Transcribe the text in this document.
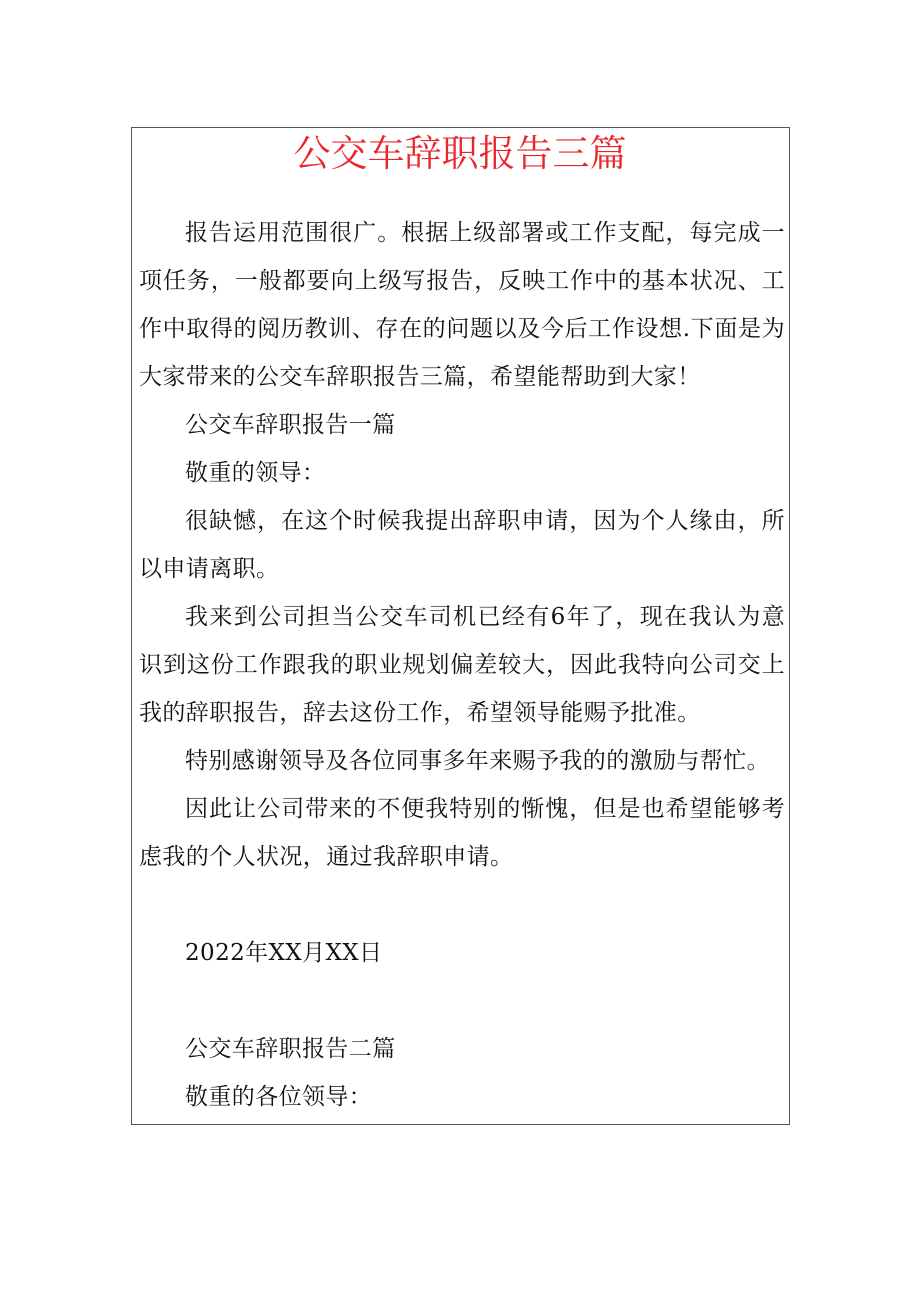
公交车辞职报告三篇

报告运用范围很广。根据上级部署或工作支配，每完成一项任务，一般都要向上级写报告，反映工作中的基本状况、工作中取得的阅历教训、存在的问题以及今后工作设想.下面是为大家带来的公交车辞职报告三篇，希望能帮助到大家！

公交车辞职报告一篇

敬重的领导：

很缺憾，在这个时候我提出辞职申请，因为个人缘由，所以申请离职。

我来到公司担当公交车司机已经有6年了，现在我认为意识到这份工作跟我的职业规划偏差较大，因此我特向公司交上我的辞职报告，辞去这份工作，希望领导能赐予批准。

特别感谢领导及各位同事多年来赐予我的的激励与帮忙。

因此让公司带来的不便我特别的惭愧，但是也希望能够考虑我的个人状况，通过我辞职申请。

2022年XX月XX日

公交车辞职报告二篇

敬重的各位领导：
